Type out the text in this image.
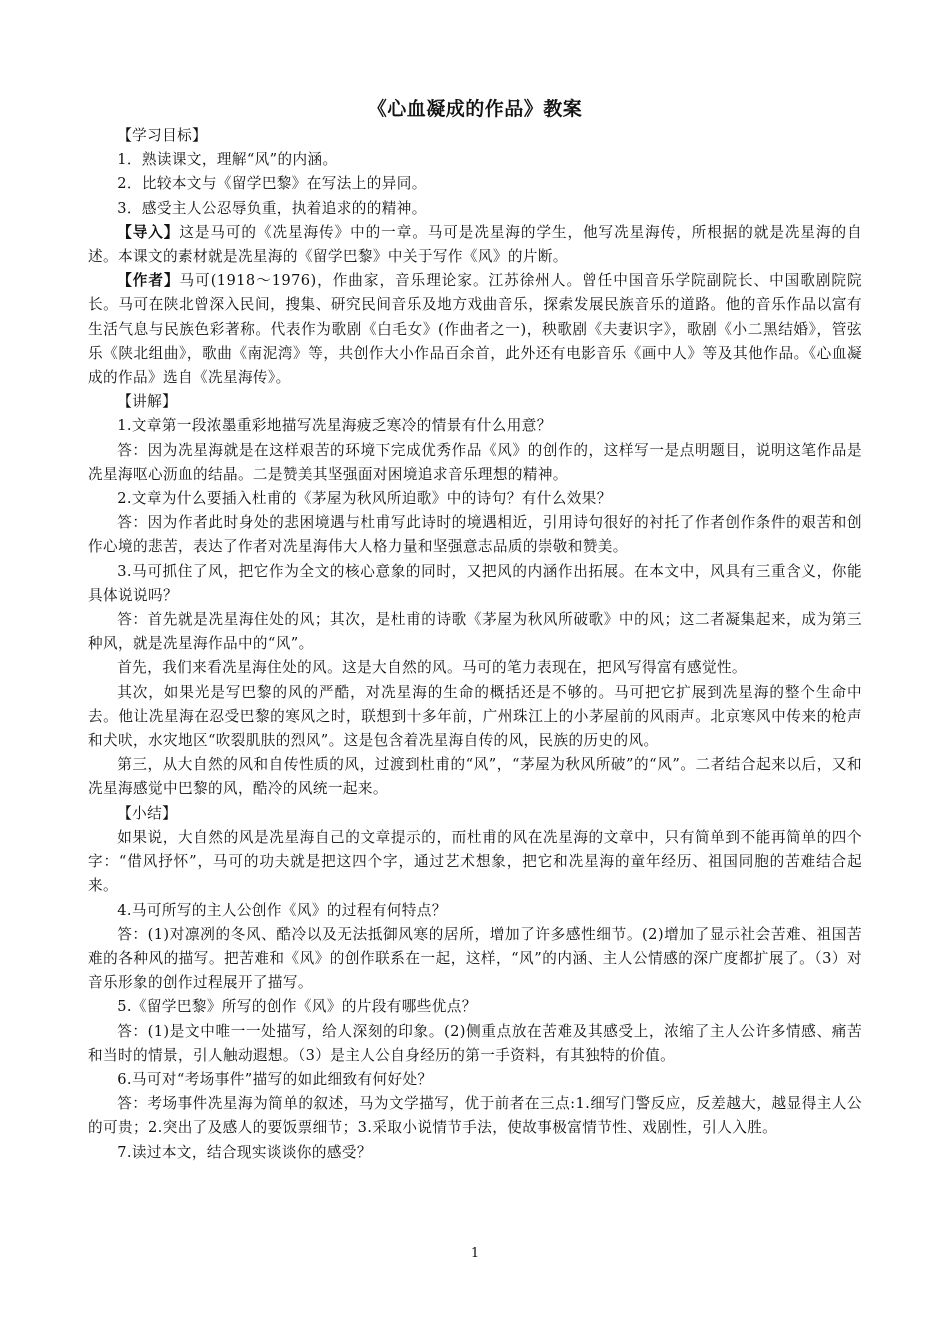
《心血凝成的作品》教案

【学习目标】

1．熟读课文，理解“风”的内涵。

2．比较本文与《留学巴黎》在写法上的异同。

3．感受主人公忍辱负重，执着追求的的精神。

【导入】这是马可的《冼星海传》中的一章。马可是冼星海的学生，他写冼星海传，所根据的就是冼星海的自述。本课文的素材就是冼星海的《留学巴黎》中关于写作《风》的片断。

【作者】马可(1918～1976)，作曲家，音乐理论家。江苏徐州人。曾任中国音乐学院副院长、中国歌剧院院长。马可在陕北曾深入民间，搜集、研究民间音乐及地方戏曲音乐，探索发展民族音乐的道路。他的音乐作品以富有生活气息与民族色彩著称。代表作为歌剧《白毛女》(作曲者之一)，秧歌剧《夫妻识字》，歌剧《小二黑结婚》，管弦乐《陕北组曲》，歌曲《南泥湾》等，共创作大小作品百余首，此外还有电影音乐《画中人》等及其他作品。《心血凝成的作品》选自《冼星海传》。

【讲解】

1.文章第一段浓墨重彩地描写冼星海疲乏寒冷的情景有什么用意？

答：因为冼星海就是在这样艰苦的环境下完成优秀作品《风》的创作的，这样写一是点明题目，说明这笔作品是冼星海呕心沥血的结晶。二是赞美其坚强面对困境追求音乐理想的精神。

2.文章为什么要插入杜甫的《茅屋为秋风所迫歌》中的诗句？有什么效果？

答：因为作者此时身处的悲困境遇与杜甫写此诗时的境遇相近，引用诗句很好的衬托了作者创作条件的艰苦和创作心境的悲苦，表达了作者对冼星海伟大人格力量和坚强意志品质的崇敬和赞美。

3.马可抓住了风，把它作为全文的核心意象的同时，又把风的内涵作出拓展。在本文中，风具有三重含义，你能具体说说吗？

答：首先就是冼星海住处的风；其次，是杜甫的诗歌《茅屋为秋风所破歌》中的风；这二者凝集起来，成为第三种风，就是冼星海作品中的“风”。

首先，我们来看冼星海住处的风。这是大自然的风。马可的笔力表现在，把风写得富有感觉性。

其次，如果光是写巴黎的风的严酷，对冼星海的生命的概括还是不够的。马可把它扩展到冼星海的整个生命中去。他让冼星海在忍受巴黎的寒风之时，联想到十多年前，广州珠江上的小茅屋前的风雨声。北京寒风中传来的枪声和犬吠，水灾地区“吹裂肌肤的烈风”。这是包含着冼星海自传的风，民族的历史的风。

第三，从大自然的风和自传性质的风，过渡到杜甫的“风”，“茅屋为秋风所破”的“风”。二者结合起来以后，又和冼星海感觉中巴黎的风，酷冷的风统一起来。

【小结】

如果说，大自然的风是冼星海自己的文章提示的，而杜甫的风在冼星海的文章中，只有简单到不能再简单的四个字：“借风抒怀”，马可的功夫就是把这四个字，通过艺术想象，把它和冼星海的童年经历、祖国同胞的苦难结合起来。

4.马可所写的主人公创作《风》的过程有何特点？

答：(1)对凛冽的冬风、酷冷以及无法抵御风寒的居所，增加了许多感性细节。(2)增加了显示社会苦难、祖国苦难的各种风的描写。把苦难和《风》的创作联系在一起，这样，“风”的内涵、主人公情感的深广度都扩展了。（3）对音乐形象的创作过程展开了描写。

5.《留学巴黎》所写的创作《风》的片段有哪些优点？

答：(1)是文中唯一一处描写，给人深刻的印象。(2)侧重点放在苦难及其感受上，浓缩了主人公许多情感、痛苦和当时的情景，引人触动遐想。（3）是主人公自身经历的第一手资料，有其独特的价值。

6.马可对“考场事件”描写的如此细致有何好处？

答：考场事件冼星海为简单的叙述，马为文学描写，优于前者在三点:1.细写门警反应，反差越大，越显得主人公的可贵；2.突出了及感人的要饭票细节；3.采取小说情节手法，使故事极富情节性、戏剧性，引人入胜。

7.读过本文，结合现实谈谈你的感受？

1
